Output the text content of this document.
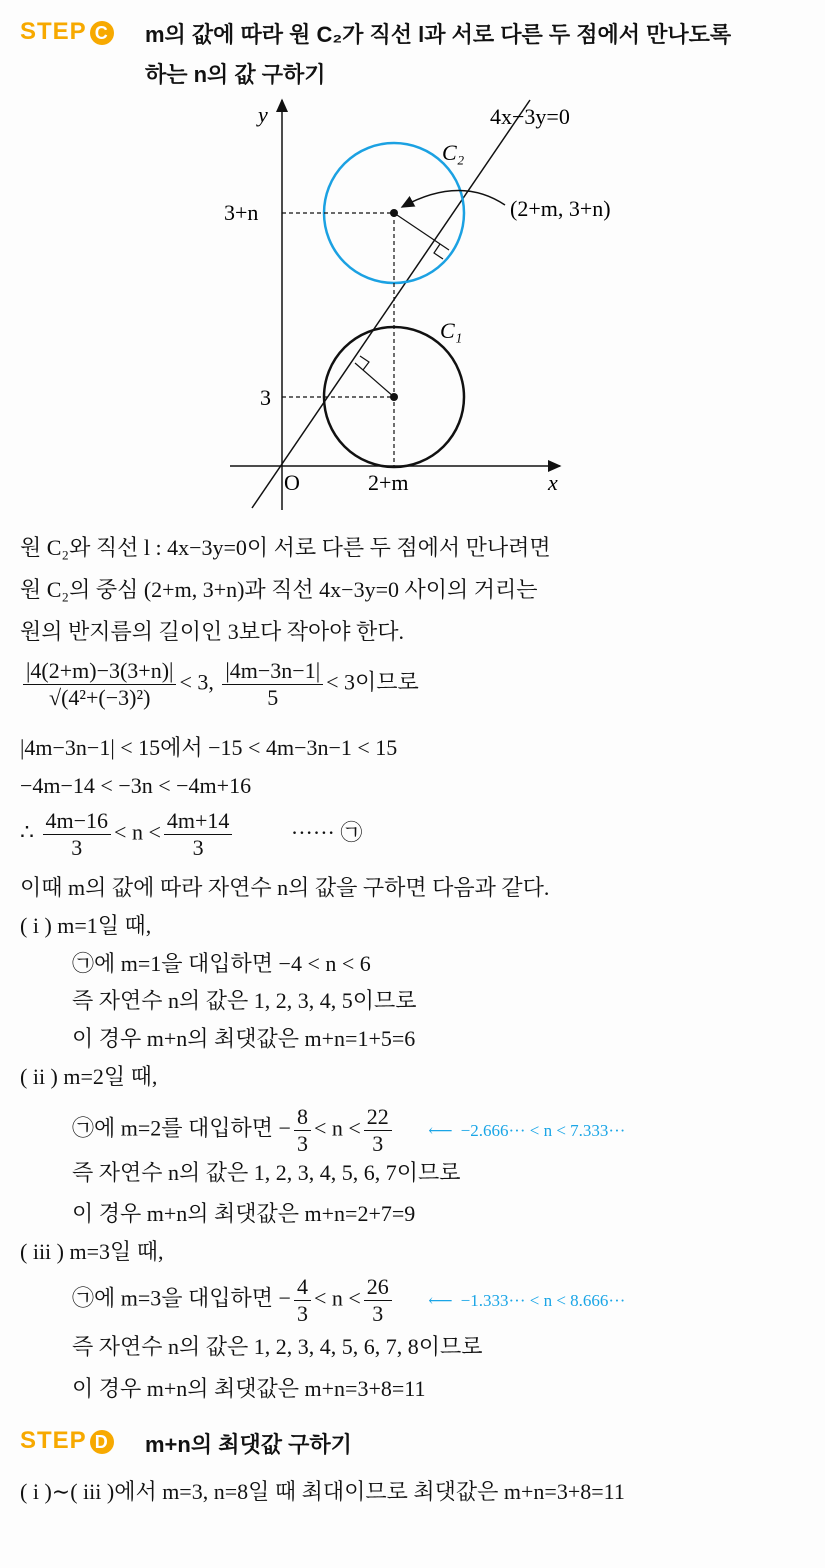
STEP C m의 값에 따라 원 C₂가 직선 l과 서로 다른 두 점에서 만나도록
하는 n의 값 구하기
y
x
O
4x−3y=0
C₂
C₁
(2+m, 3+n)
3+n
3
2+m
원 C₂와 직선 l : 4x−3y=0이 서로 다른 두 점에서 만나려면
원 C₂의 중심 (2+m, 3+n)과 직선 4x−3y=0 사이의 거리는
원의 반지름의 길이인 3보다 작아야 한다.
$\frac{|4(2+m)-3(3+n)|}{\text{√(4²+(−3)²)}} < 3$, $\frac{|4m-3n-1|}{5} < 3$이므로
|4m−3n−1| < 15에서 −15 < 4m−3n−1 < 15
−4m−14 < −3n < −4m+16
∴ $\frac{4m-16}{3} < n < \frac{4m+14}{3}$	······ ㉠
이때 m의 값에 따라 자연수 n의 값을 구하면 다음과 같다.
( i ) m=1일 때,
㉠에 m=1을 대입하면 −4 < n < 6
즉 자연수 n의 값은 1, 2, 3, 4, 5이므로
이 경우 m+n의 최댓값은 m+n=1+5=6
( ii ) m=2일 때,
㉠에 m=2를 대입하면 − $\frac{8}{3} < n < \frac{22}{3}$ ⟵ −2.666··· < n < 7.333···
즉 자연수 n의 값은 1, 2, 3, 4, 5, 6, 7이므로
이 경우 m+n의 최댓값은 m+n=2+7=9
( iii ) m=3일 때,
㉠에 m=3을 대입하면 − $\frac{4}{3} < n < \frac{26}{3}$ ⟵ −1.333··· < n < 8.666···
즉 자연수 n의 값은 1, 2, 3, 4, 5, 6, 7, 8이므로
이 경우 m+n의 최댓값은 m+n=3+8=11
STEP D m+n의 최댓값 구하기
( i )∼( iii )에서 m=3, n=8일 때 최대이므로 최댓값은 m+n=3+8=11
